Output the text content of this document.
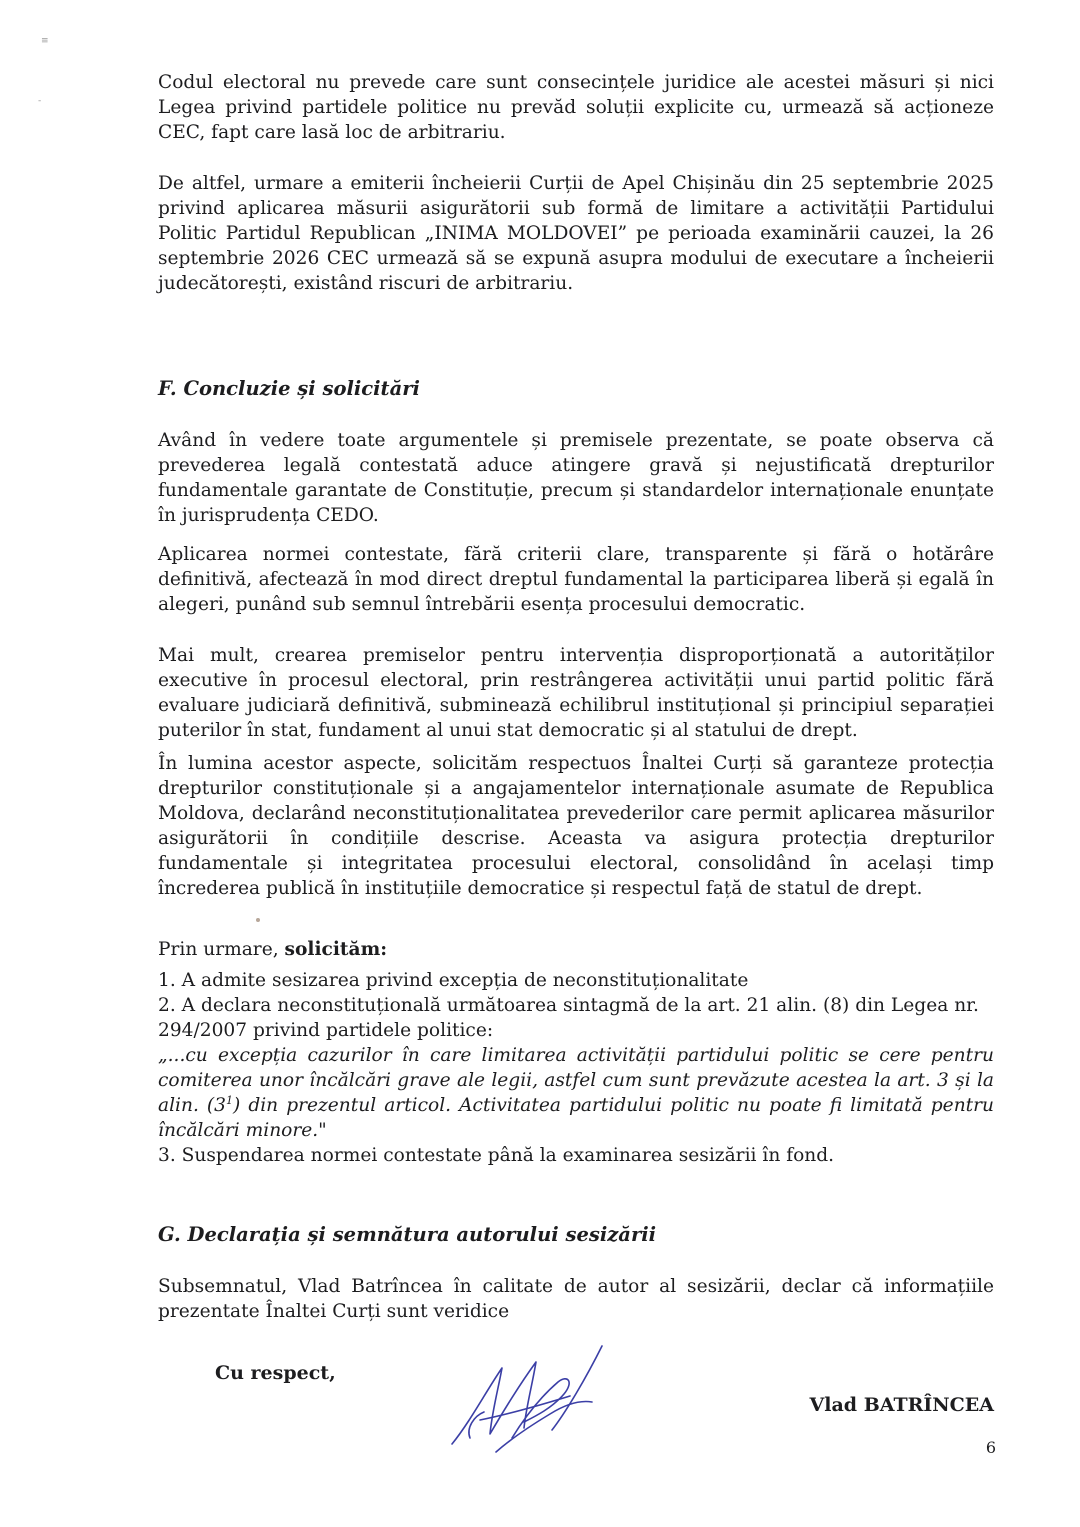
≡
-

Codul electoral nu prevede care sunt consecințele juridice ale acestei măsuri și nici Legea privind partidele politice nu prevăd soluții explicite cu, urmează să acționeze CEC, fapt care lasă loc de arbitrariu.

De altfel, urmare a emiterii încheierii Curții de Apel Chișinău din 25 septembrie 2025 privind aplicarea măsurii asigurătorii sub formă de limitare a activității Partidului Politic Partidul Republican „INIMA MOLDOVEI” pe perioada examinării cauzei, la 26 septembrie 2026 CEC urmează să se expună asupra modului de executare a încheierii judecătorești, existând riscuri de arbitrariu.

F. Concluzie și solicitări

Având în vedere toate argumentele și premisele prezentate, se poate observa că prevederea legală contestată aduce atingere gravă și nejustificată drepturilor fundamentale garantate de Constituție, precum și standardelor internaționale enunțate în jurisprudența CEDO.

Aplicarea normei contestate, fără criterii clare, transparente și fără o hotărâre definitivă, afectează în mod direct dreptul fundamental la participarea liberă și egală în alegeri, punând sub semnul întrebării esența procesului democratic.

Mai mult, crearea premiselor pentru intervenția disproporționată a autorităților executive în procesul electoral, prin restrângerea activității unui partid politic fără evaluare judiciară definitivă, subminează echilibrul instituțional și principiul separației puterilor în stat, fundament al unui stat democratic și al statului de drept.

În lumina acestor aspecte, solicităm respectuos Înaltei Curți să garanteze protecția drepturilor constituționale și a angajamentelor internaționale asumate de Republica Moldova, declarând neconstituționalitatea prevederilor care permit aplicarea măsurilor asigurătorii în condițiile descrise. Aceasta va asigura protecția drepturilor fundamentale și integritatea procesului electoral, consolidând în același timp încrederea publică în instituțiile democratice și respectul față de statul de drept.

Prin urmare, solicităm:

1. A admite sesizarea privind excepția de neconstituționalitate
2. A declara neconstituțională următoarea sintagmă de la art. 21 alin. (8) din Legea nr. 294/2007 privind partidele politice:
„...cu excepția cazurilor în care limitarea activității partidului politic se cere pentru comiterea unor încălcări grave ale legii, astfel cum sunt prevăzute acestea la art. 3 și la alin. $(3^1)$ din prezentul articol. Activitatea partidului politic nu poate fi limitată pentru încălcări minore."
3. Suspendarea normei contestate până la examinarea sesizării în fond.
G. Declarația și semnătura autorului sesizării

Subsemnatul, Vlad Batrîncea în calitate de autor al sesizării, declar că informațiile prezentate Înaltei Curți sunt veridice

Cu respect,
Vlad BATRÎNCEA
6
